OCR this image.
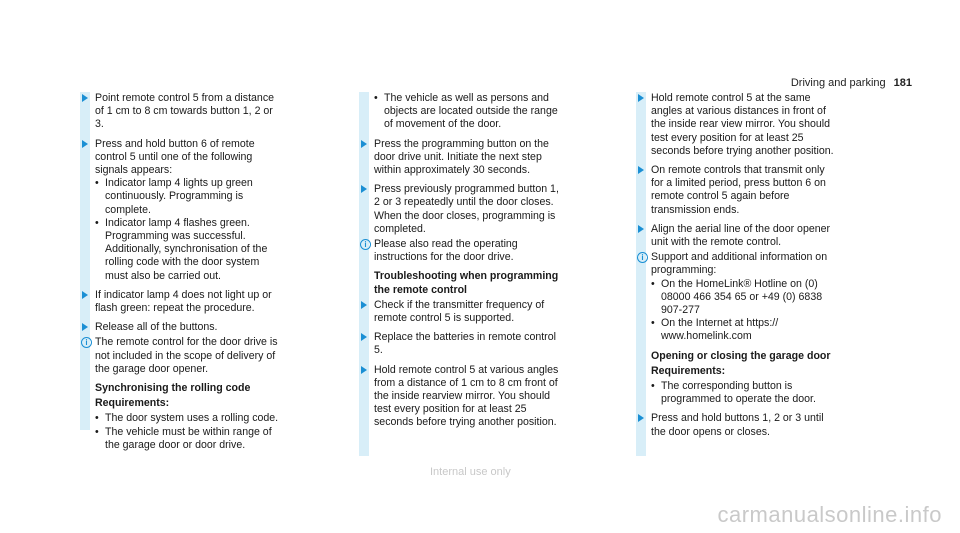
Driving and parking 181
Point remote control 5 from a distance of 1 cm to 8 cm towards button 1, 2 or 3.
Press and hold button 6 of remote control 5 until one of the following signals appears:
• Indicator lamp 4 lights up green continuously. Programming is complete.
• Indicator lamp 4 flashes green. Programming was successful. Additionally, synchronisation of the rolling code with the door system must also be carried out.
If indicator lamp 4 does not light up or flash green: repeat the procedure.
Release all of the buttons.
i The remote control for the door drive is not included in the scope of delivery of the garage door opener.
Synchronising the rolling code
Requirements:
• The door system uses a rolling code.
• The vehicle must be within range of the garage door or door drive.
• The vehicle as well as persons and objects are located outside the range of movement of the door.
Press the programming button on the door drive unit. Initiate the next step within approximately 30 seconds.
Press previously programmed button 1, 2 or 3 repeatedly until the door closes. When the door closes, programming is completed.
i Please also read the operating instructions for the door drive.
Troubleshooting when programming the remote control
Check if the transmitter frequency of remote control 5 is supported.
Replace the batteries in remote control 5.
Hold remote control 5 at various angles from a distance of 1 cm to 8 cm front of the inside rearview mirror. You should test every position for at least 25 seconds before trying another position.
Hold remote control 5 at the same angles at various distances in front of the inside rear view mirror. You should test every position for at least 25 seconds before trying another position.
On remote controls that transmit only for a limited period, press button 6 on remote control 5 again before transmission ends.
Align the aerial line of the door opener unit with the remote control.
i Support and additional information on programming:
• On the HomeLink® Hotline on (0) 08000 466 354 65 or +49 (0) 6838 907-277
• On the Internet at https:// www.homelink.com
Opening or closing the garage door
Requirements:
• The corresponding button is programmed to operate the door.
Press and hold buttons 1, 2 or 3 until the door opens or closes.
Internal use only
carmanualsonline.info
